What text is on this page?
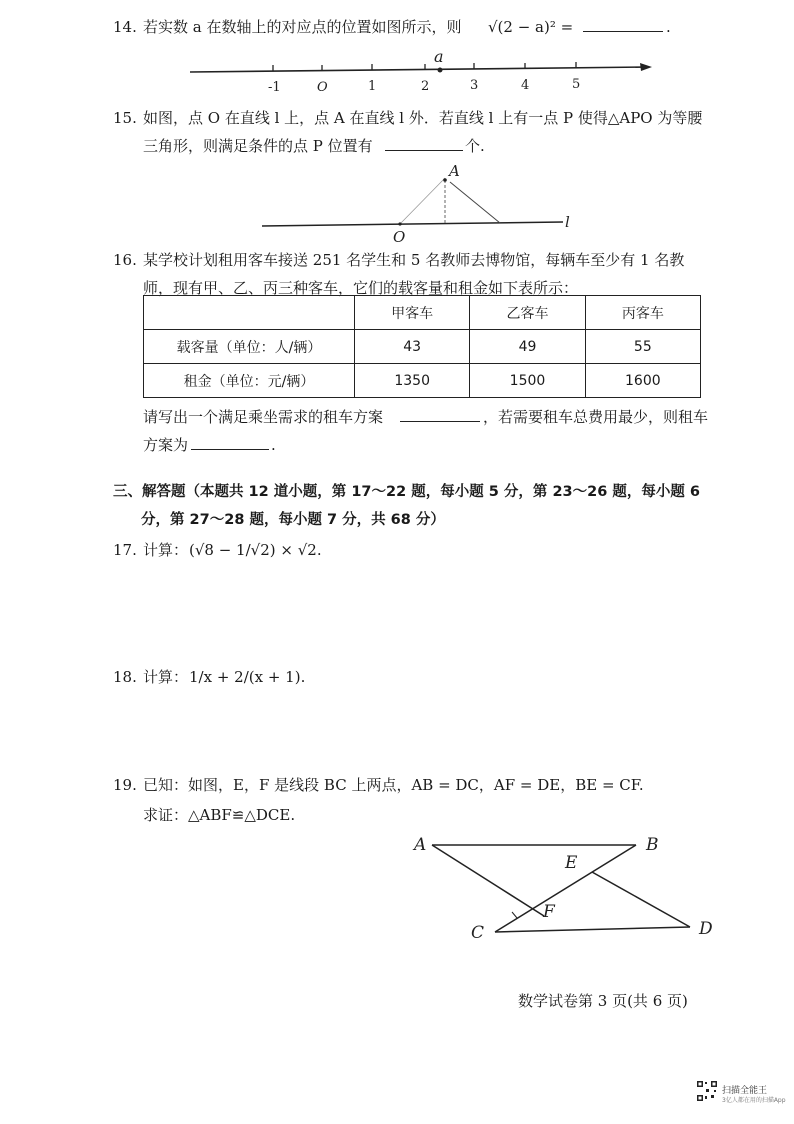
14. 若实数 a 在数轴上的对应点的位置如图所示，则 √(2 − a)² =	.
-1	O	1	2	3	4	5
a
15. 如图，点 O 在直线 l 上，点 A 在直线 l 外．若直线 l 上有一点 P 使得△APO 为等腰
三角形，则满足条件的点 P 位置有	个.
A
O
l
16. 某学校计划租用客车接送 251 名学生和 5 名教师去博物馆，每辆车至少有 1 名教
师，现有甲、乙、丙三种客车，它们的载客量和租金如下表所示：
	甲客车	乙客车	丙客车
载客量（单位：人/辆）	43	49	55
租金（单位：元/辆）	1350	1500	1600
请写出一个满足乘坐需求的租车方案	，若需要租车总费用最少，则租车
方案为	.
三、解答题（本题共 12 道小题，第 17～22 题，每小题 5 分，第 23～26 题，每小题 6
分，第 27～28 题，每小题 7 分，共 68 分）
17. 计算： (√8 − 1/√2) × √2.
18. 计算： 1/x + 2/(x + 1).
19. 已知：如图，E，F 是线段 BC 上两点，AB = DC，AF = DE，BE = CF.
求证：△ABF≌△DCE.
A	B
E
F
C	D
数学试卷第 3 页(共 6 页)
扫描全能王
3亿人都在用的扫描App
